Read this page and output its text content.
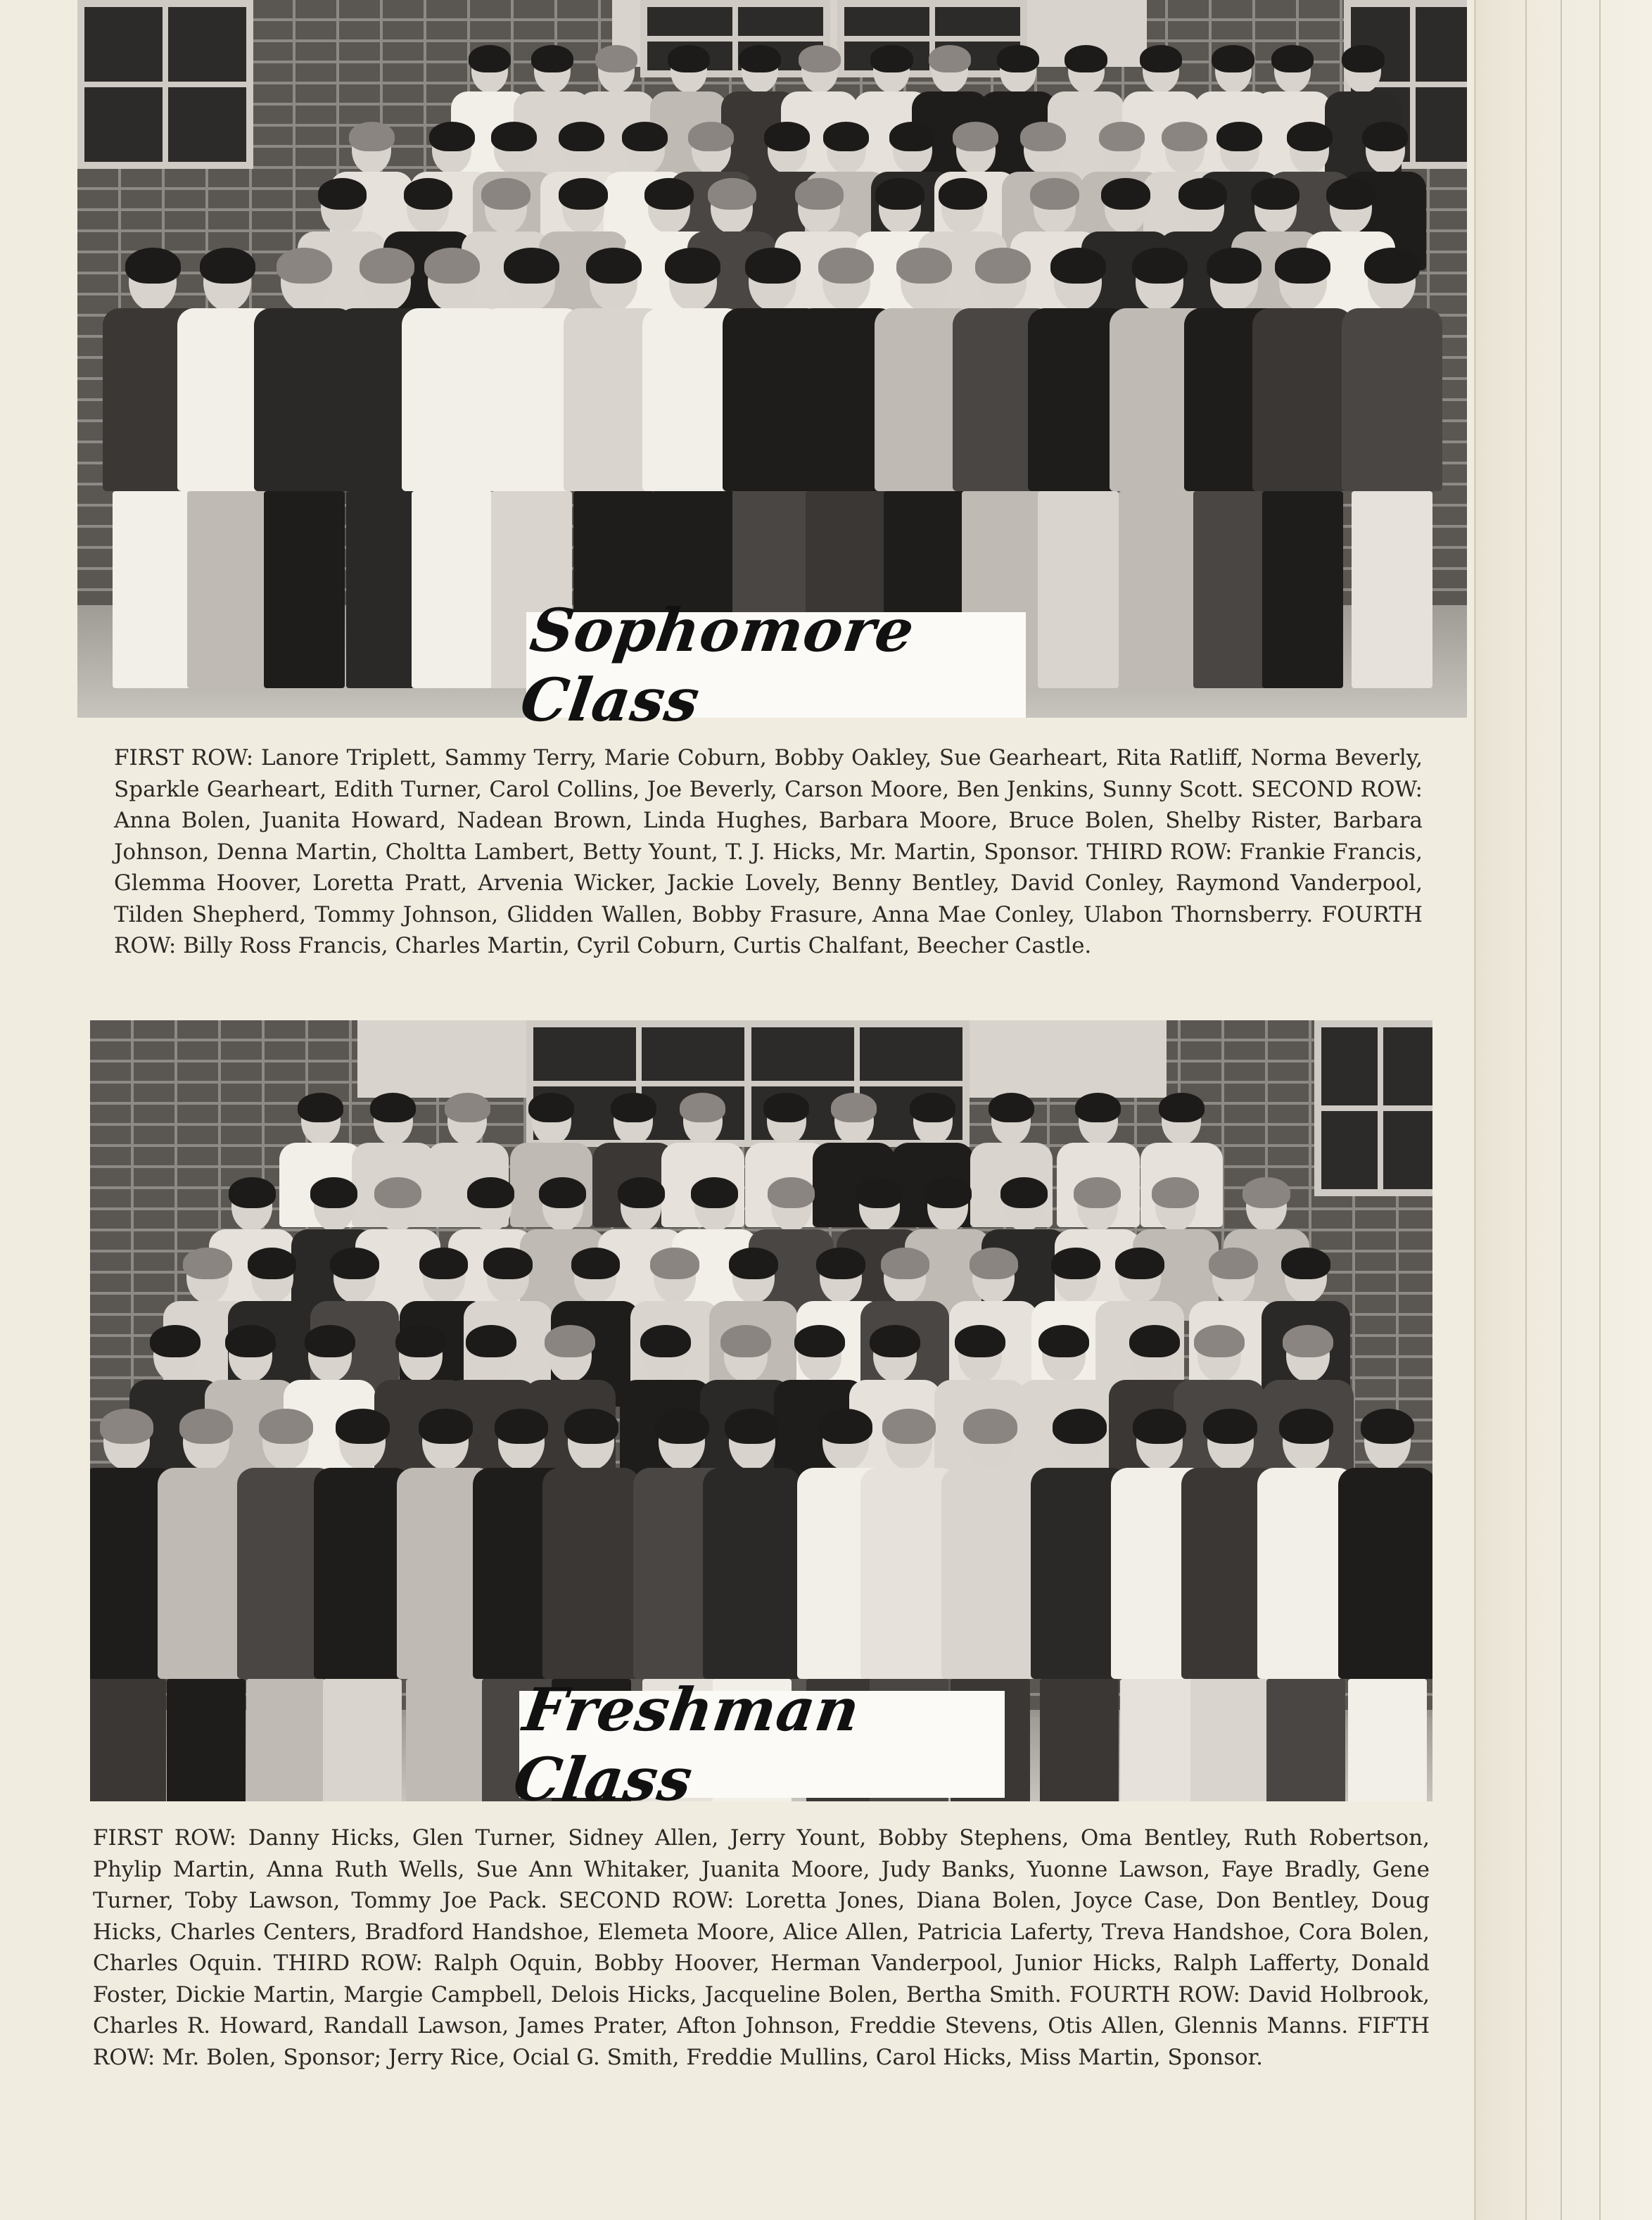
Sophomore Class

FIRST ROW: Lanore Triplett, Sammy Terry, Marie Coburn, Bobby Oakley, Sue Gearheart, Rita Ratliff, Norma Beverly, Sparkle Gearheart, Edith Turner, Carol Collins, Joe Beverly, Carson Moore, Ben Jenkins, Sunny Scott. SECOND ROW: Anna Bolen, Juanita Howard, Nadean Brown, Linda Hughes, Barbara Moore, Bruce Bolen, Shelby Rister, Barbara Johnson, Denna Martin, Choltta Lambert, Betty Yount, T. J. Hicks, Mr. Martin, Sponsor. THIRD ROW: Frankie Francis, Glemma Hoover, Loretta Pratt, Arvenia Wicker, Jackie Lovely, Benny Bentley, David Conley, Raymond Vanderpool, Tilden Shepherd, Tommy Johnson, Glidden Wallen, Bobby Frasure, Anna Mae Conley, Ulabon Thornsberry. FOURTH ROW: Billy Ross Francis, Charles Martin, Cyril Coburn, Curtis Chalfant, Beecher Castle.

Freshman Class

FIRST ROW: Danny Hicks, Glen Turner, Sidney Allen, Jerry Yount, Bobby Stephens, Oma Bentley, Ruth Robertson, Phylip Martin, Anna Ruth Wells, Sue Ann Whitaker, Juanita Moore, Judy Banks, Yuonne Lawson, Faye Bradly, Gene Turner, Toby Lawson, Tommy Joe Pack. SECOND ROW: Loretta Jones, Diana Bolen, Joyce Case, Don Bentley, Doug Hicks, Charles Centers, Bradford Handshoe, Elemeta Moore, Alice Allen, Patricia Laferty, Treva Handshoe, Cora Bolen, Charles Oquin. THIRD ROW: Ralph Oquin, Bobby Hoover, Herman Vanderpool, Junior Hicks, Ralph Lafferty, Donald Foster, Dickie Martin, Margie Campbell, Delois Hicks, Jacqueline Bolen, Bertha Smith. FOURTH ROW: David Holbrook, Charles R. Howard, Randall Lawson, James Prater, Afton Johnson, Freddie Stevens, Otis Allen, Glennis Manns. FIFTH ROW: Mr. Bolen, Sponsor; Jerry Rice, Ocial G. Smith, Freddie Mullins, Carol Hicks, Miss Martin, Sponsor.
